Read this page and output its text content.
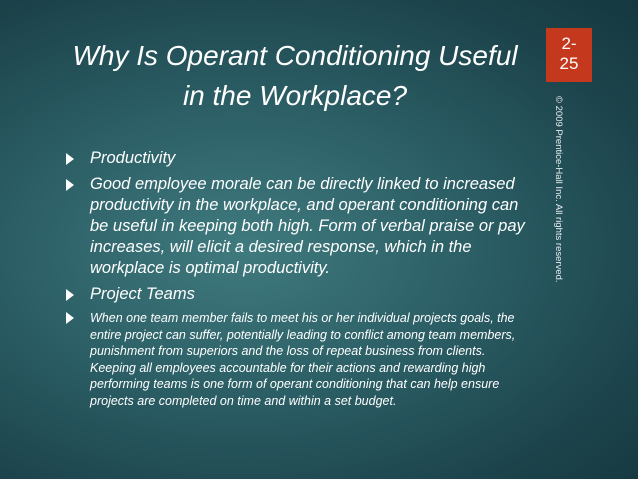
2-
25
Why Is Operant Conditioning Useful in the Workplace?
© 2009 Prentice-Hall Inc. All rights reserved.
Productivity
Good employee morale can be directly linked to increased productivity in the workplace, and operant conditioning can be useful in keeping both high. Form of verbal praise or pay increases, will elicit a desired response, which in the workplace is optimal productivity.
Project Teams
When one team member fails to meet his or her individual projects goals, the entire project can suffer, potentially leading to conflict among team members, punishment from superiors and the loss of repeat business from clients. Keeping all employees accountable for their actions and rewarding high performing teams is one form of operant conditioning that can help ensure projects are completed on time and within a set budget.
